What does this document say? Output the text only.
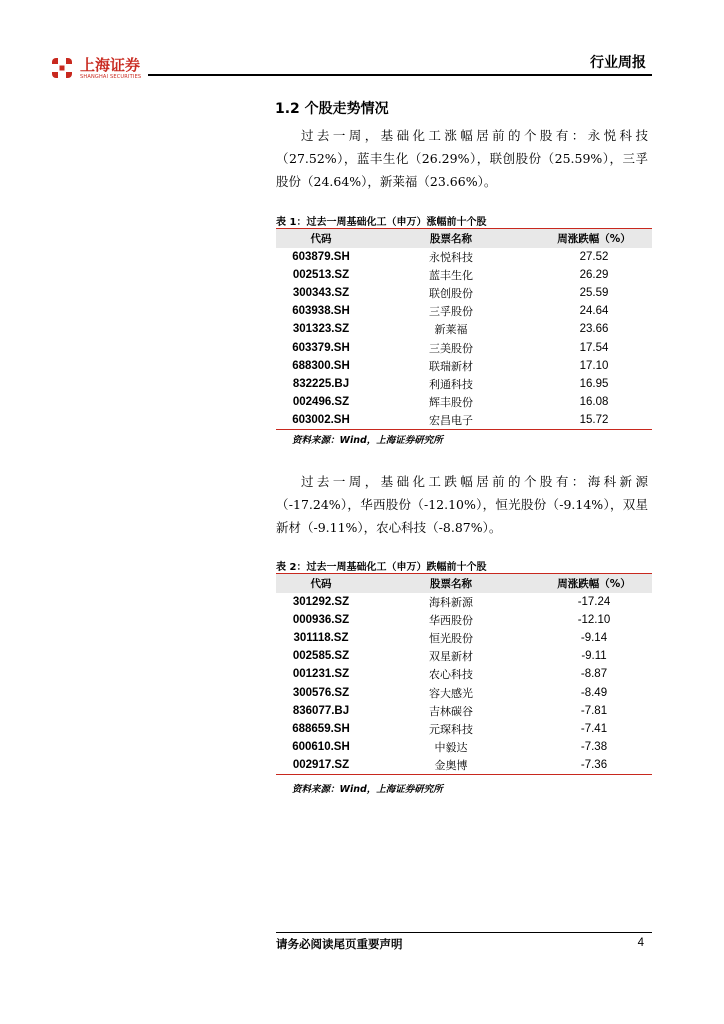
上海证券
SHANGHAI SECURITIES
行业周报
1.2 个股走势情况

过去一周，基础化工涨幅居前的个股有：永悦科技（27.52%），蓝丰生化（26.29%），联创股份（25.59%），三孚股份（24.64%），新莱福（23.66%）。

表 1：过去一周基础化工（申万）涨幅前十个股
代码	股票名称	周涨跌幅（%）
603879.SH	永悦科技	27.52
002513.SZ	蓝丰生化	26.29
300343.SZ	联创股份	25.59
603938.SH	三孚股份	24.64
301323.SZ	新莱福	23.66
603379.SH	三美股份	17.54
688300.SH	联瑞新材	17.10
832225.BJ	利通科技	16.95
002496.SZ	辉丰股份	16.08
603002.SH	宏昌电子	15.72
资料来源：Wind，上海证券研究所

过去一周，基础化工跌幅居前的个股有：海科新源（-17.24%），华西股份（-12.10%），恒光股份（-9.14%），双星新材（-9.11%），农心科技（-8.87%）。

表 2：过去一周基础化工（申万）跌幅前十个股
代码	股票名称	周涨跌幅（%）
301292.SZ	海科新源	-17.24
000936.SZ	华西股份	-12.10
301118.SZ	恒光股份	-9.14
002585.SZ	双星新材	-9.11
001231.SZ	农心科技	-8.87
300576.SZ	容大感光	-8.49
836077.BJ	吉林碳谷	-7.81
688659.SH	元琛科技	-7.41
600610.SH	中毅达	-7.38
002917.SZ	金奥博	-7.36
资料来源：Wind，上海证券研究所
请务必阅读尾页重要声明	4
